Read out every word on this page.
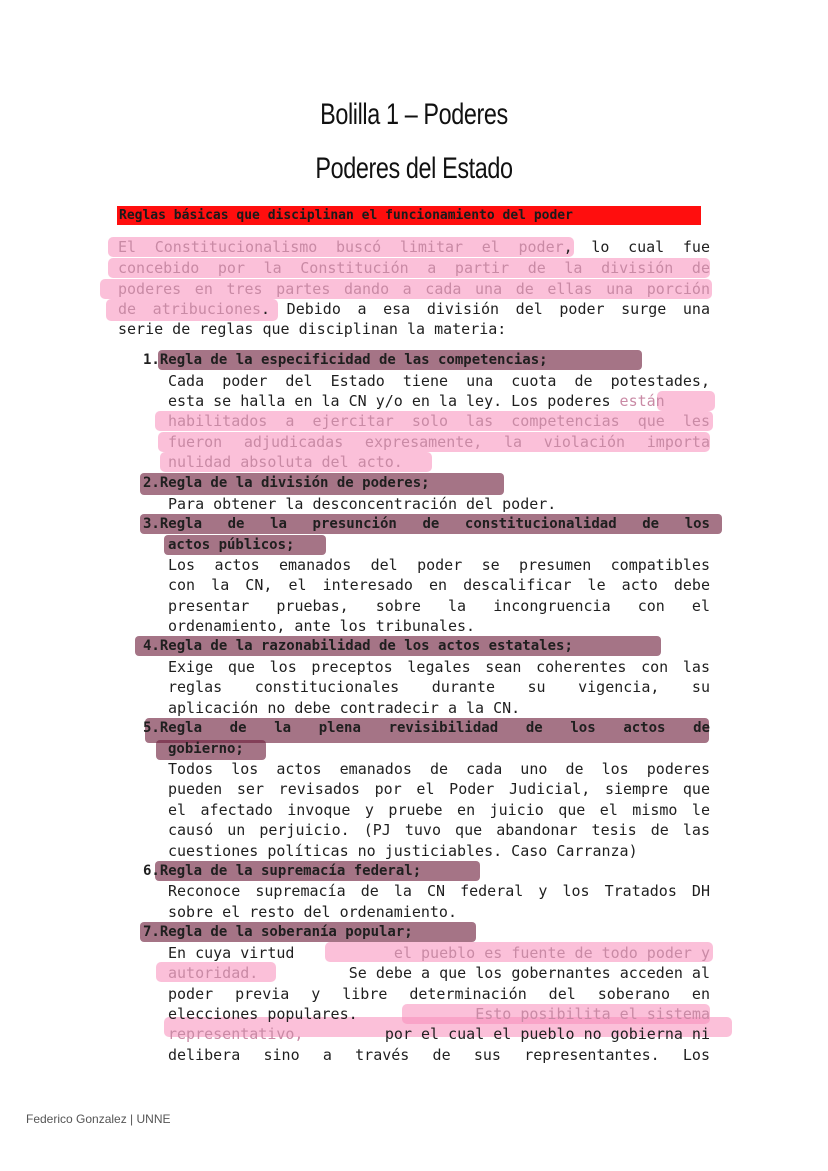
Bolilla 1 – Poderes
Poderes del Estado
Reglas básicas que disciplinan el funcionamiento del poder
El Constitucionalismo buscó limitar el poder, lo cual fue
concebido por la Constitución a partir de la división de
poderes en tres partes dando a cada una de ellas una porción
de atribuciones. Debido a esa división del poder surge una
serie de reglas que disciplinan la materia:
1.Regla de la especificidad de las competencias;
Cada poder del Estado tiene una cuota de potestades,
esta se halla en la CN y/o en la ley. Los poderes están
habilitados a ejercitar solo las competencias que les
fueron adjudicadas expresamente, la violación importa
nulidad absoluta del acto.
2.Regla de la división de poderes;
Para obtener la desconcentración del poder.
3.Regla de la presunción de constitucionalidad de los
actos públicos;
Los actos emanados del poder se presumen compatibles
con la CN, el interesado en descalificar le acto debe
presentar pruebas, sobre la incongruencia con el
ordenamiento, ante los tribunales.
4.Regla de la razonabilidad de los actos estatales;
Exige que los preceptos legales sean coherentes con las
reglas constitucionales durante su vigencia, su
aplicación no debe contradecir a la CN.
5.Regla de la plena revisibilidad de los actos de
gobierno;
Todos los actos emanados de cada uno de los poderes
pueden ser revisados por el Poder Judicial, siempre que
el afectado invoque y pruebe en juicio que el mismo le
causó un perjuicio. (PJ tuvo que abandonar tesis de las
cuestiones políticas no justiciables. Caso Carranza)
6.Regla de la supremacía federal;
Reconoce supremacía de la CN federal y los Tratados DH
sobre el resto del ordenamiento.
7.Regla de la soberanía popular;
En cuya virtud	el pueblo es fuente de todo poder y
autoridad.	Se debe a que los gobernantes acceden al
poder previa y libre determinación del soberano en
elecciones populares.	Esto posibilita el sistema
representativo,	por el cual el pueblo no gobierna ni
delibera sino a través de sus representantes. Los
Federico Gonzalez | UNNE
